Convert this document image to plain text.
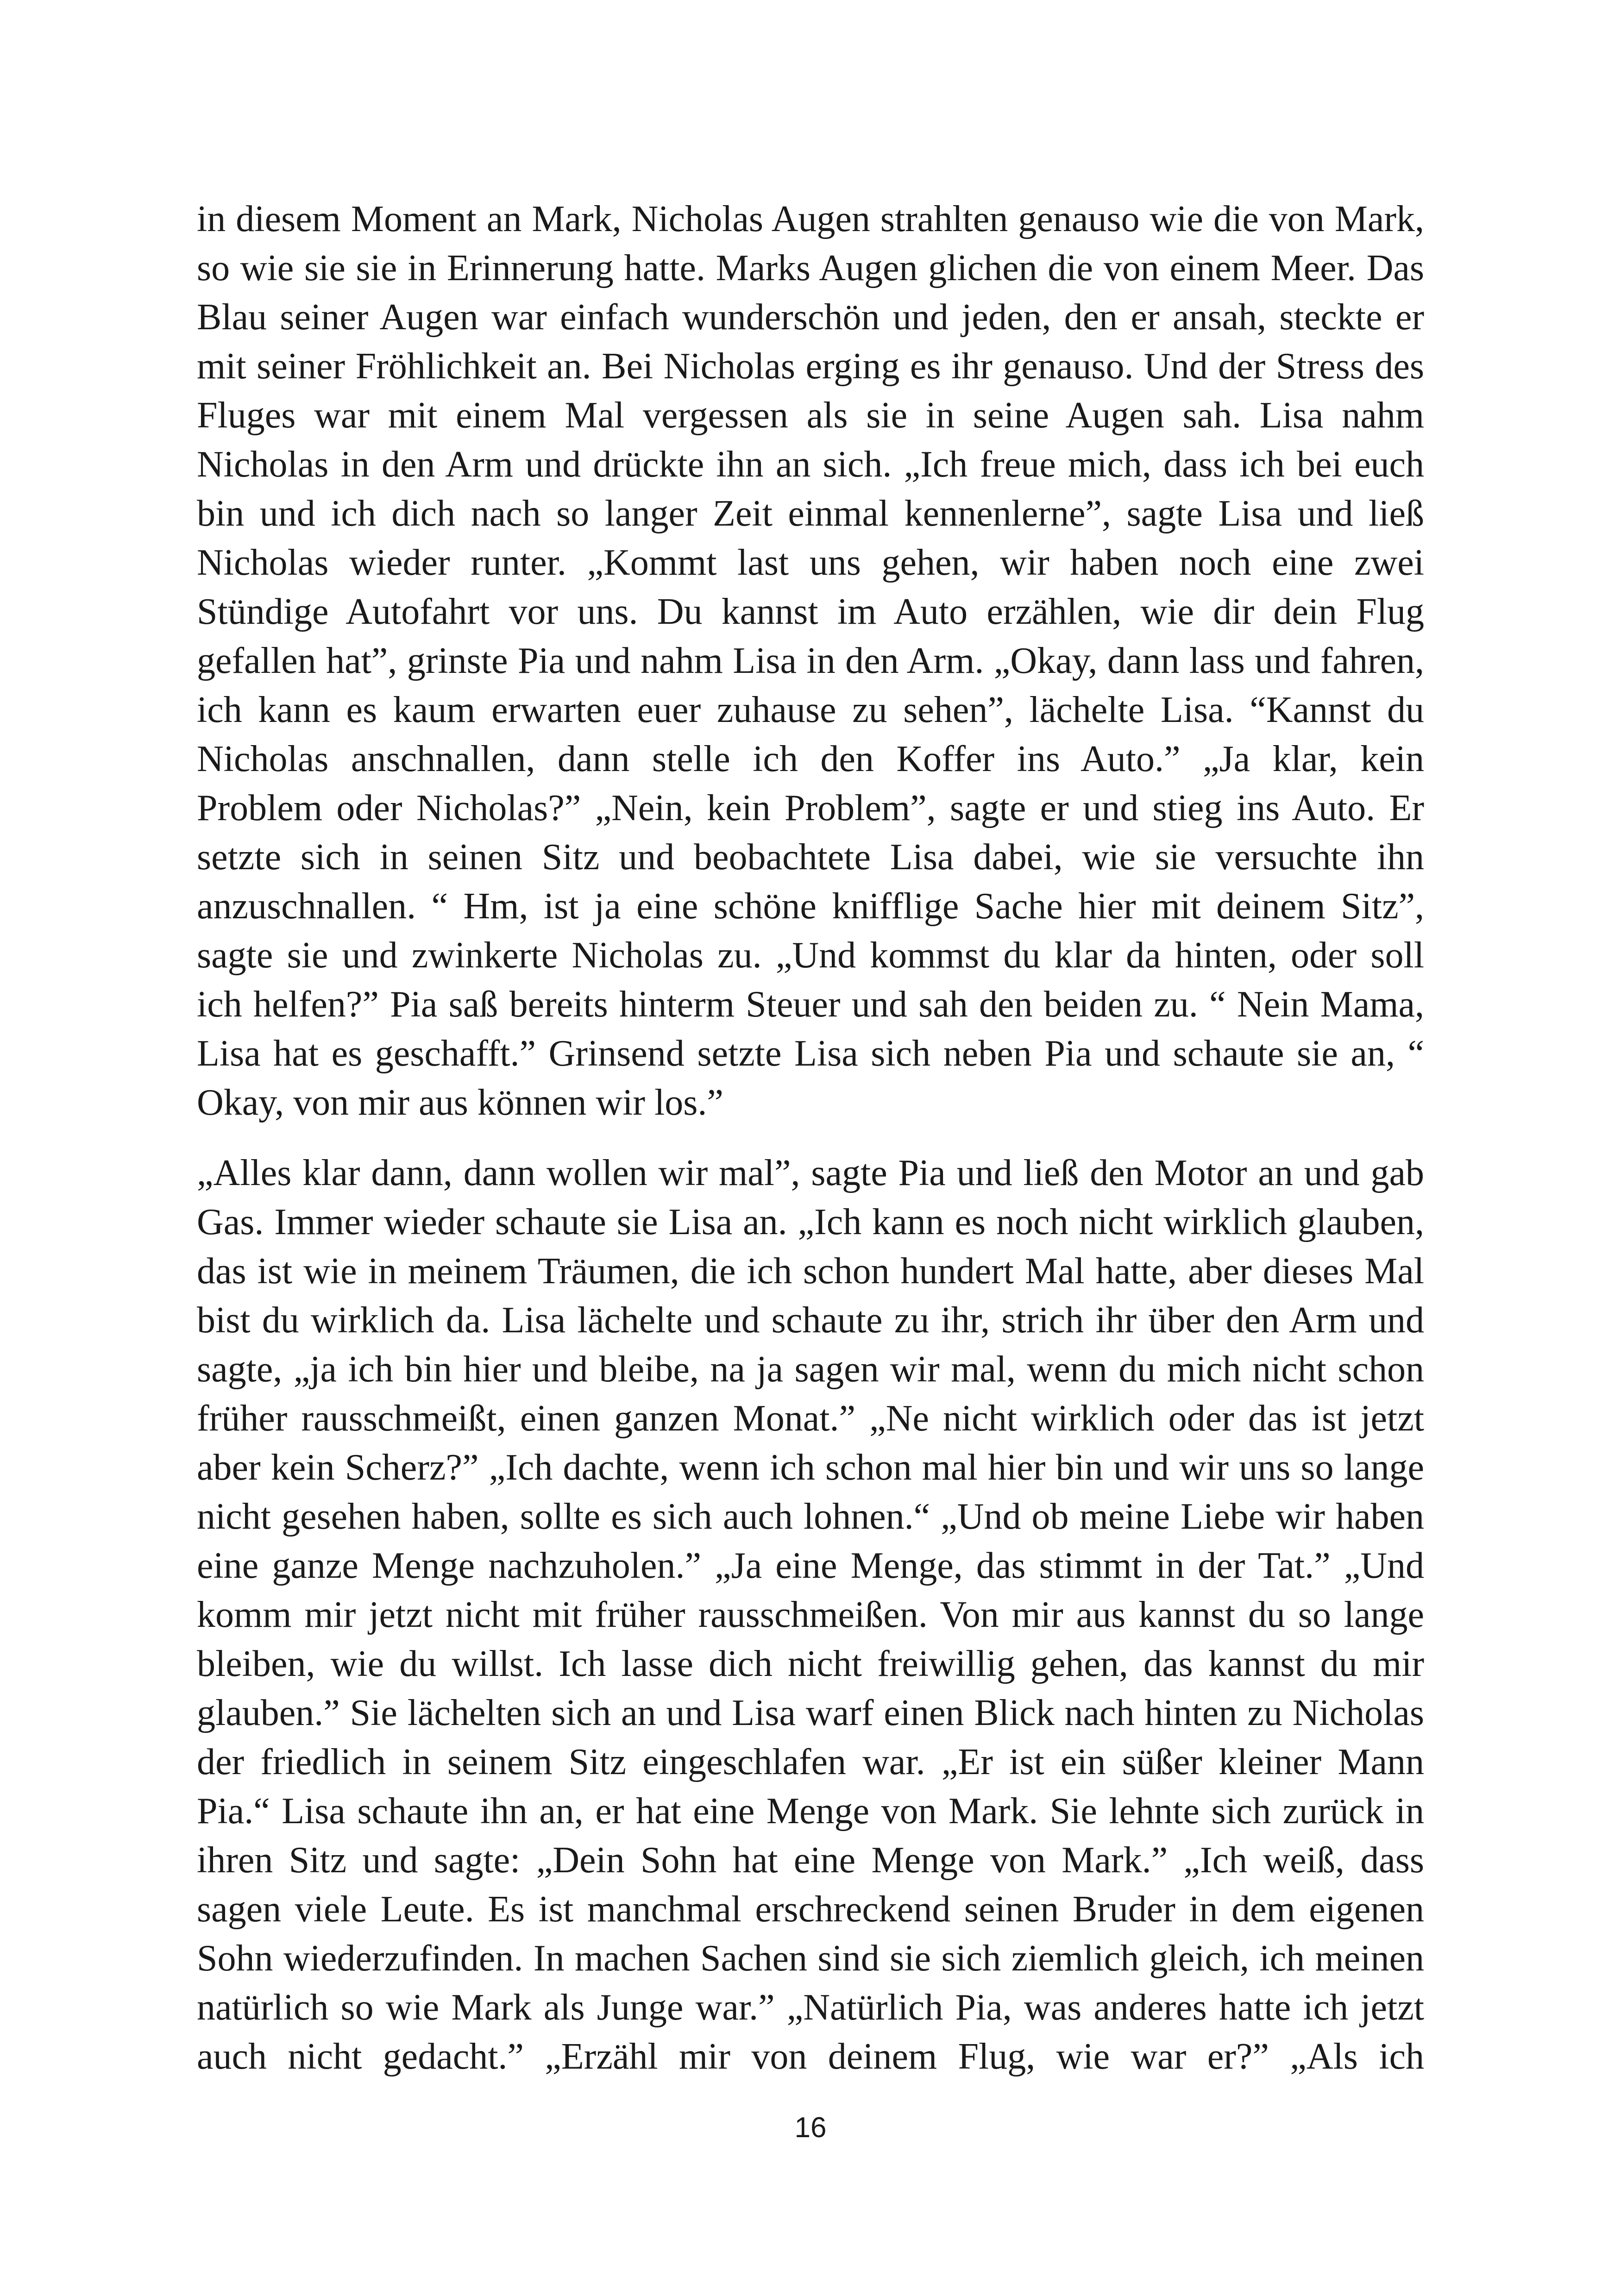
in diesem Moment an Mark, Nicholas Augen strahlten genauso wie die von Mark,
so wie sie sie in Erinnerung hatte. Marks Augen glichen die von einem Meer. Das
Blau seiner Augen war einfach wunderschön und jeden, den er ansah, steckte er
mit seiner Fröhlichkeit an. Bei Nicholas erging es ihr genauso. Und der Stress des
Fluges war mit einem Mal vergessen als sie in seine Augen sah. Lisa nahm
Nicholas in den Arm und drückte ihn an sich. „Ich freue mich, dass ich bei euch
bin und ich dich nach so langer Zeit einmal kennenlerne”, sagte Lisa und ließ
Nicholas wieder runter. „Kommt last uns gehen, wir haben noch eine zwei
Stündige Autofahrt vor uns. Du kannst im Auto erzählen, wie dir dein Flug
gefallen hat”, grinste Pia und nahm Lisa in den Arm. „Okay, dann lass und fahren,
ich kann es kaum erwarten euer zuhause zu sehen”, lächelte Lisa. “Kannst du
Nicholas anschnallen, dann stelle ich den Koffer ins Auto.” „Ja klar, kein
Problem oder Nicholas?” „Nein, kein Problem”, sagte er und stieg ins Auto. Er
setzte sich in seinen Sitz und beobachtete Lisa dabei, wie sie versuchte ihn
anzuschnallen. “ Hm, ist ja eine schöne knifflige Sache hier mit deinem Sitz”,
sagte sie und zwinkerte Nicholas zu. „Und kommst du klar da hinten, oder soll
ich helfen?” Pia saß bereits hinterm Steuer und sah den beiden zu. “ Nein Mama,
Lisa hat es geschafft.” Grinsend setzte Lisa sich neben Pia und schaute sie an, “
Okay, von mir aus können wir los.”
„Alles klar dann, dann wollen wir mal”, sagte Pia und ließ den Motor an und gab
Gas. Immer wieder schaute sie Lisa an. „Ich kann es noch nicht wirklich glauben,
das ist wie in meinem Träumen, die ich schon hundert Mal hatte, aber dieses Mal
bist du wirklich da. Lisa lächelte und schaute zu ihr, strich ihr über den Arm und
sagte, „ja ich bin hier und bleibe, na ja sagen wir mal, wenn du mich nicht schon
früher rausschmeißt, einen ganzen Monat.” „Ne nicht wirklich oder das ist jetzt
aber kein Scherz?” „Ich dachte, wenn ich schon mal hier bin und wir uns so lange
nicht gesehen haben, sollte es sich auch lohnen.“ „Und ob meine Liebe wir haben
eine ganze Menge nachzuholen.” „Ja eine Menge, das stimmt in der Tat.” „Und
komm mir jetzt nicht mit früher rausschmeißen. Von mir aus kannst du so lange
bleiben, wie du willst. Ich lasse dich nicht freiwillig gehen, das kannst du mir
glauben.” Sie lächelten sich an und Lisa warf einen Blick nach hinten zu Nicholas
der friedlich in seinem Sitz eingeschlafen war. „Er ist ein süßer kleiner Mann
Pia.“ Lisa schaute ihn an, er hat eine Menge von Mark. Sie lehnte sich zurück in
ihren Sitz und sagte: „Dein Sohn hat eine Menge von Mark.” „Ich weiß, dass
sagen viele Leute. Es ist manchmal erschreckend seinen Bruder in dem eigenen
Sohn wiederzufinden. In machen Sachen sind sie sich ziemlich gleich, ich meinen
natürlich so wie Mark als Junge war.” „Natürlich Pia, was anderes hatte ich jetzt
auch nicht gedacht.” „Erzähl mir von deinem Flug, wie war er?” „Als ich
16
